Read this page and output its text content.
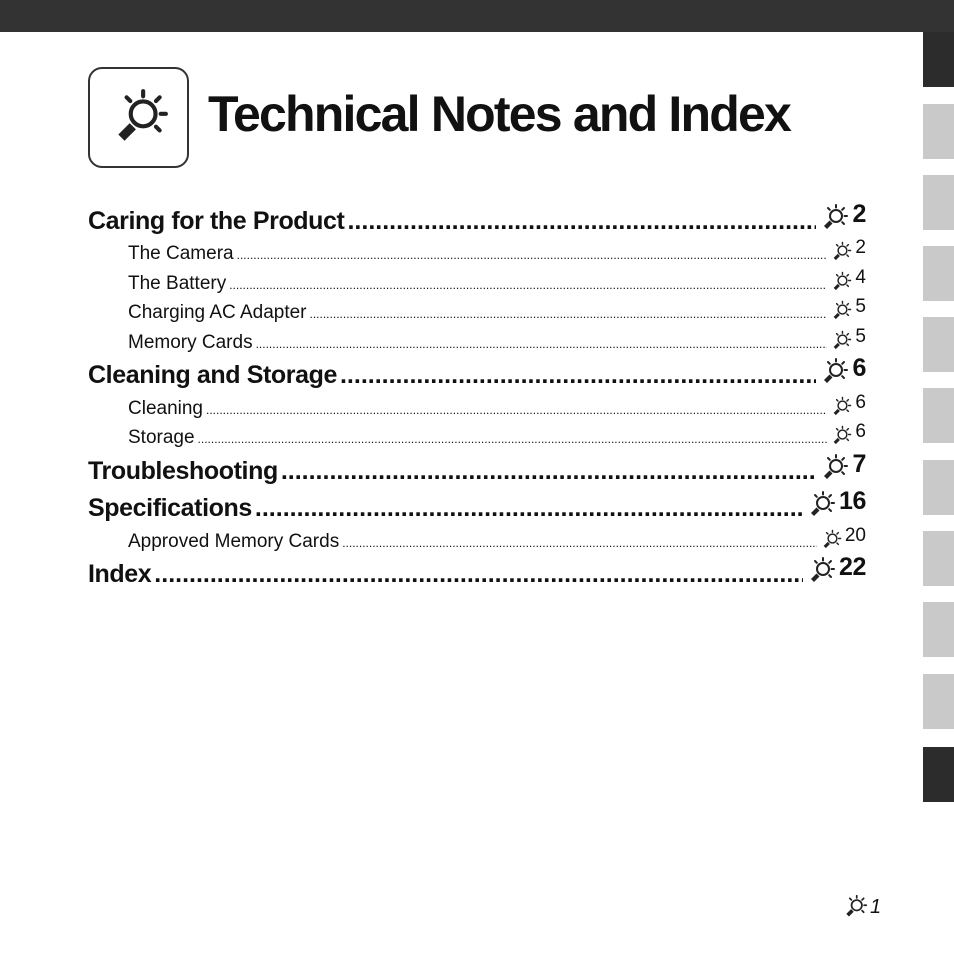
Technical Notes and Index
Caring for the Product .....	2
The Camera .....	2
The Battery .....	4
Charging AC Adapter .....	5
Memory Cards .....	5
Cleaning and Storage .....	6
Cleaning .....	6
Storage .....	6
Troubleshooting .....	7
Specifications .....	16
Approved Memory Cards .....	20
Index .....	22
1
